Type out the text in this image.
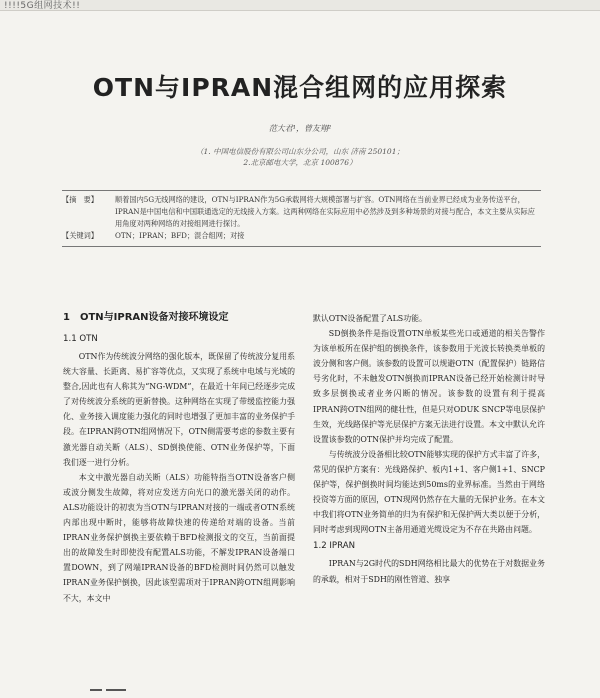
!!!!5G组网技术!!
OTN与IPRAN混合组网的应用探索
范大君¹，曾友翔²
（1. 中国电信股份有限公司山东分公司，山东 济南 250101；
2.北京邮电大学，北京 100876）
【摘　要】	顺着国内5G无线网络的建设，OTN与IPRAN作为5G承载网将大规模部署与扩容。OTN网络在当前业界已经成为业务传送平台，IPRAN是中国电信和中国联通选定的无线接入方案。这两种网络在实际应用中必然涉及到多种场景的对接与配合，本文主要从实际应用角度对两种网络的对接组网进行探讨。
【关键词】	OTN；IPRAN；BFD；混合组网；对接
1　OTN与IPRAN设备对接环境设定
1.1 OTN

OTN作为传统波分网络的强化版本，既保留了传统波分复用系统大容量、长距离、易扩容等优点，又实现了系统中电域与光域的整合,因此也有人称其为“NG-WDM”，在最近十年间已经逐步完成了对传统波分系统的更新替换。这种网络在实现了带缓监控能力强化、业务接入调度能力强化的同时也增强了更加丰富的业务保护手段。在IPRAN跨OTN组网情况下，OTN侧需要考虑的参数主要有激光器自动关断（ALS）、SD倒换使能、OTN业务保护等，下面我们逐一进行分析。

本文中激光器自动关断（ALS）功能特指当OTN设备客户侧或波分侧发生故障，将对应发送方向光口的激光器关闭的动作。ALS功能设计的初衷为当OTN与IPRAN对接的一端或者OTN系统内部出现中断时，能够将故障快速的传递给对端的设备。当前IPRAN业务保护倒换主要依赖于BFD检测报文的交互，当前面提出的故障发生时即使没有配置ALS功能，不解发IPRAN设备端口置DOWN，到了网端IPRAN设备的BFD检测时间仍然可以触发IPRAN业务保护倒换，因此该型需项对于IPRAN跨OTN组网影响不大，本文中

默认OTN设备配置了ALS功能。

SD倒换条件是指设置OTN单板某些光口或通道的相关告警作为该单板所在保护组的倒换条件，该参数用于光波长转换类单板的波分侧和客户侧。该参数的设置可以规避OTN（配置保护）链路信号劣化时，不未触发OTN倒换而IPRAN设备已经开始检测计时导致多层倒换或者业务闪断的情况。该参数的设置有利于提高IPRAN跨OTN组网的健壮性，但是只对ODUK SNCP等电层保护生效，光线路保护等光层保护方案无法进行设置。本文中默认允许设置该参数的OTN保护并均完成了配置。

与传统波分设备相比较OTN能够实现的保护方式丰富了许多，常见的保护方案有：光线路保护、板内1+1、客户侧1+1、SNCP保护等，保护倒换时间均能达到50ms的业界标准。当然由于网络投资等方面的原因，OTN现网仍然存在大量的无保护业务。在本文中我们将OTN业务简单的归为有保护和无保护两大类以便于分析，同时考虑到现网OTN主备用通道光缆设定为不存在共路由问题。

1.2 IPRAN

IPRAN与2G时代的SDH网络相比最大的优势在于对数据业务的承载，相对于SDH的刚性管道、独享
